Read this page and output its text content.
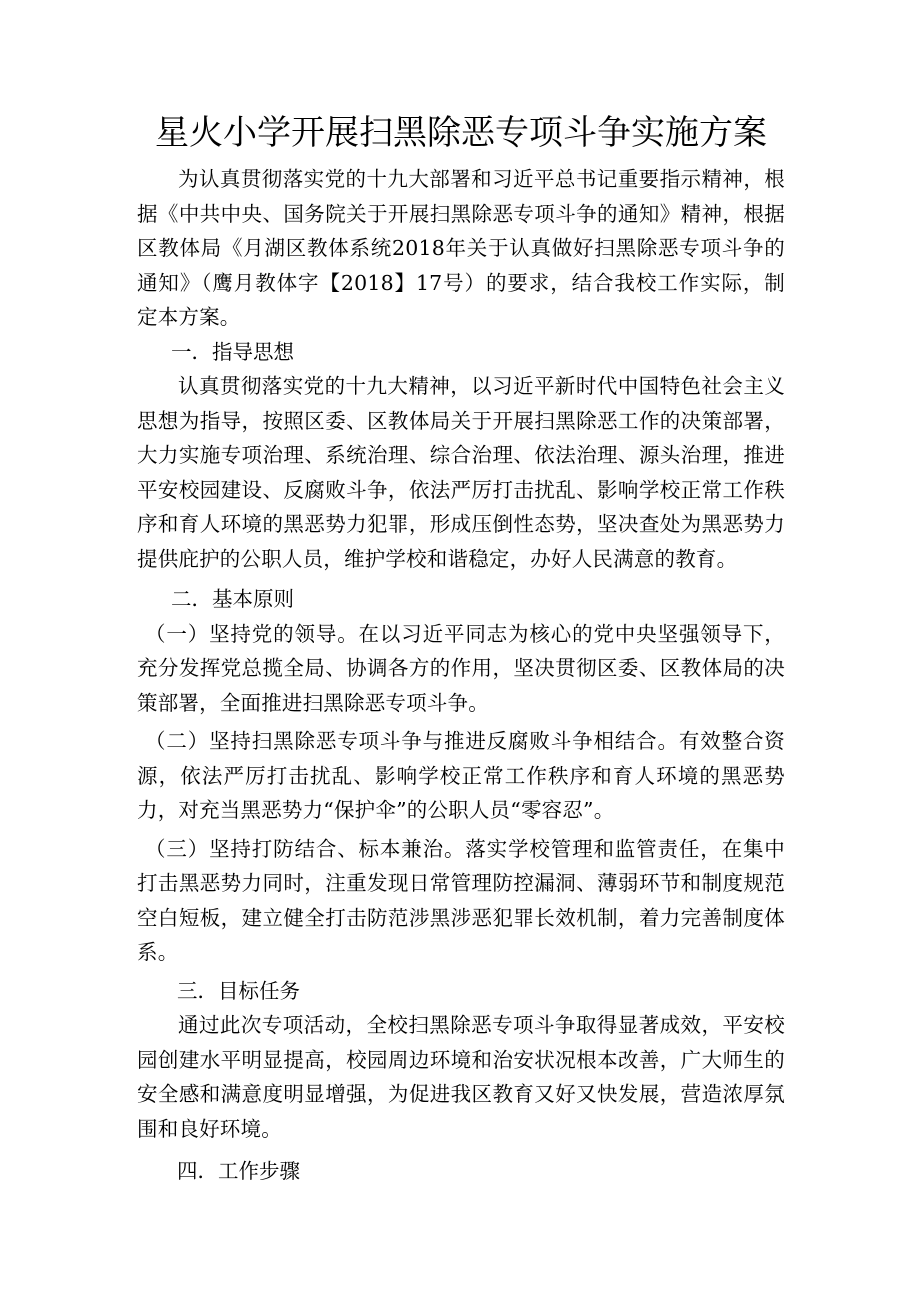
星火小学开展扫黑除恶专项斗争实施方案

为认真贯彻落实党的十九大部署和习近平总书记重要指示精神，根据《中共中央、国务院关于开展扫黑除恶专项斗争的通知》精神，根据区教体局《月湖区教体系统2018年关于认真做好扫黑除恶专项斗争的通知》（鹰月教体字【2018】17号）的要求，结合我校工作实际，制定本方案。

一．指导思想

认真贯彻落实党的十九大精神，以习近平新时代中国特色社会主义思想为指导，按照区委、区教体局关于开展扫黑除恶工作的决策部署，大力实施专项治理、系统治理、综合治理、依法治理、源头治理，推进平安校园建设、反腐败斗争，依法严厉打击扰乱、影响学校正常工作秩序和育人环境的黑恶势力犯罪，形成压倒性态势，坚决查处为黑恶势力提供庇护的公职人员，维护学校和谐稳定，办好人民满意的教育。

二．基本原则

（一）坚持党的领导。在以习近平同志为核心的党中央坚强领导下，充分发挥党总揽全局、协调各方的作用，坚决贯彻区委、区教体局的决策部署，全面推进扫黑除恶专项斗争。

（二）坚持扫黑除恶专项斗争与推进反腐败斗争相结合。有效整合资源，依法严厉打击扰乱、影响学校正常工作秩序和育人环境的黑恶势力，对充当黑恶势力“保护伞”的公职人员“零容忍”。

（三）坚持打防结合、标本兼治。落实学校管理和监管责任，在集中打击黑恶势力同时，注重发现日常管理防控漏洞、薄弱环节和制度规范空白短板，建立健全打击防范涉黑涉恶犯罪长效机制，着力完善制度体系。

三．目标任务

通过此次专项活动，全校扫黑除恶专项斗争取得显著成效，平安校园创建水平明显提高，校园周边环境和治安状况根本改善，广大师生的安全感和满意度明显增强，为促进我区教育又好又快发展，营造浓厚氛围和良好环境。

四．工作步骤
